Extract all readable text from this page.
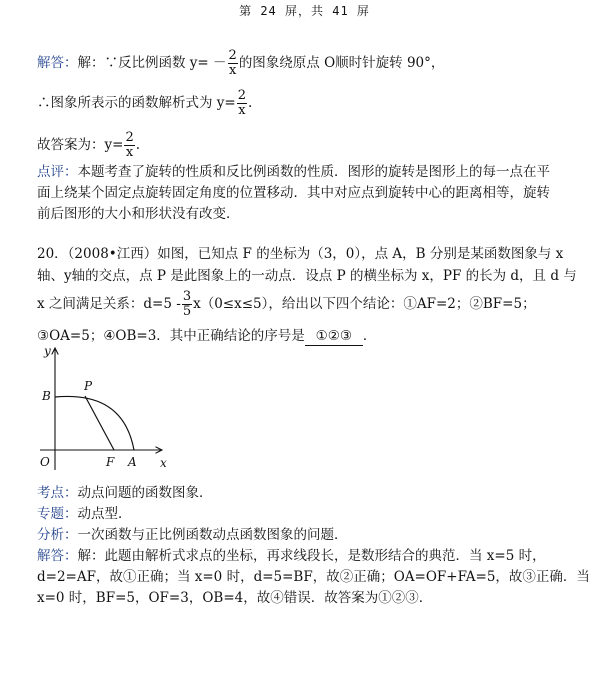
第 24 屏，共 41 屏
解答：解：∵反比例函数 $y= - \frac{2}{x}$ 的图象绕原点 O顺时针旋转 90°，
∴图象所表示的函数解析式为 $y= \frac{2}{x}$ .
故答案为：$y= \frac{2}{x}$ .
点评：本题考查了旋转的性质和反比例函数的性质．图形的旋转是图形上的每一点在平
面上绕某个固定点旋转固定角度的位置移动．其中对应点到旋转中心的距离相等，旋转
前后图形的大小和形状没有改变．
20．（2008•江西）如图，已知点 F 的坐标为（3，0），点 A，B 分别是某函数图象与 x
轴、y轴的交点，点 P 是此图象上的一动点．设点 P 的横坐标为 x，PF 的长为 d，且 d 与
x 之间满足关系：$d=5 - \frac{3}{5} x(0\le x\le 5)$，给出以下四个结论：①AF=2；②BF=5；
③OA=5；④OB=3．其中正确结论的序号是 ①②③ ．
y
x
B
P
O	F A
考点：动点问题的函数图象．
专题：动点型．
分析：一次函数与正比例函数动点函数图象的问题．
解答：解：此题由解析式求点的坐标，再求线段长，是数形结合的典范．当 x=5 时，
d=2=AF，故①正确；当 x=0 时，d=5=BF，故②正确；OA=OF+FA=5，故③正确．当
x=0 时，BF=5，OF=3，OB=4，故④错误．故答案为①②③．
